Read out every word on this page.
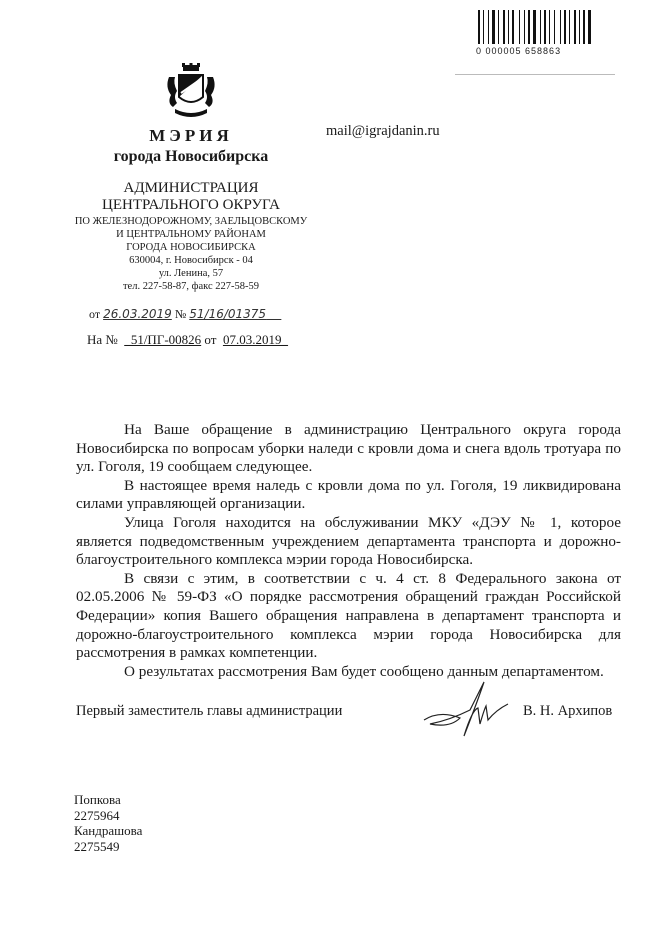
0 000005 658863
МЭРИЯ
города Новосибирска
АДМИНИСТРАЦИЯ
ЦЕНТРАЛЬНОГО ОКРУГА
ПО ЖЕЛЕЗНОДОРОЖНОМУ, ЗАЕЛЬЦОВСКОМУ
И ЦЕНТРАЛЬНОМУ РАЙОНАМ
ГОРОДА НОВОСИБИРСКА
630004, г. Новосибирск - 04
ул. Ленина, 57
тел. 227-58-87, факс 227-58-59
mail@igrajdanin.ru
от 26.03.2019 № 51/16/01375
На № _51/ПГ-00826 от 07.03.2019_

На Ваше обращение в администрацию Центрального округа города Новосибирска по вопросам уборки наледи с кровли дома и снега вдоль тротуара по ул. Гоголя, 19 сообщаем следующее.

В настоящее время наледь с кровли дома по ул. Гоголя, 19 ликвидирована силами управляющей организации.

Улица Гоголя находится на обслуживании МКУ «ДЭУ № 1, которое является подведомственным учреждением департамента транспорта и дорожно-благоустроительного комплекса мэрии города Новосибирска.

В связи с этим, в соответствии с ч. 4 ст. 8 Федерального закона от 02.05.2006 № 59-ФЗ «О порядке рассмотрения обращений граждан Российской Федерации» копия Вашего обращения направлена в департамент транспорта и дорожно-благоустроительного комплекса мэрии города Новосибирска для рассмотрения в рамках компетенции.

О результатах рассмотрения Вам будет сообщено данным департаментом.

Первый заместитель главы администрации	В. Н. Архипов
Попкова
2275964
Кандрашова
2275549
